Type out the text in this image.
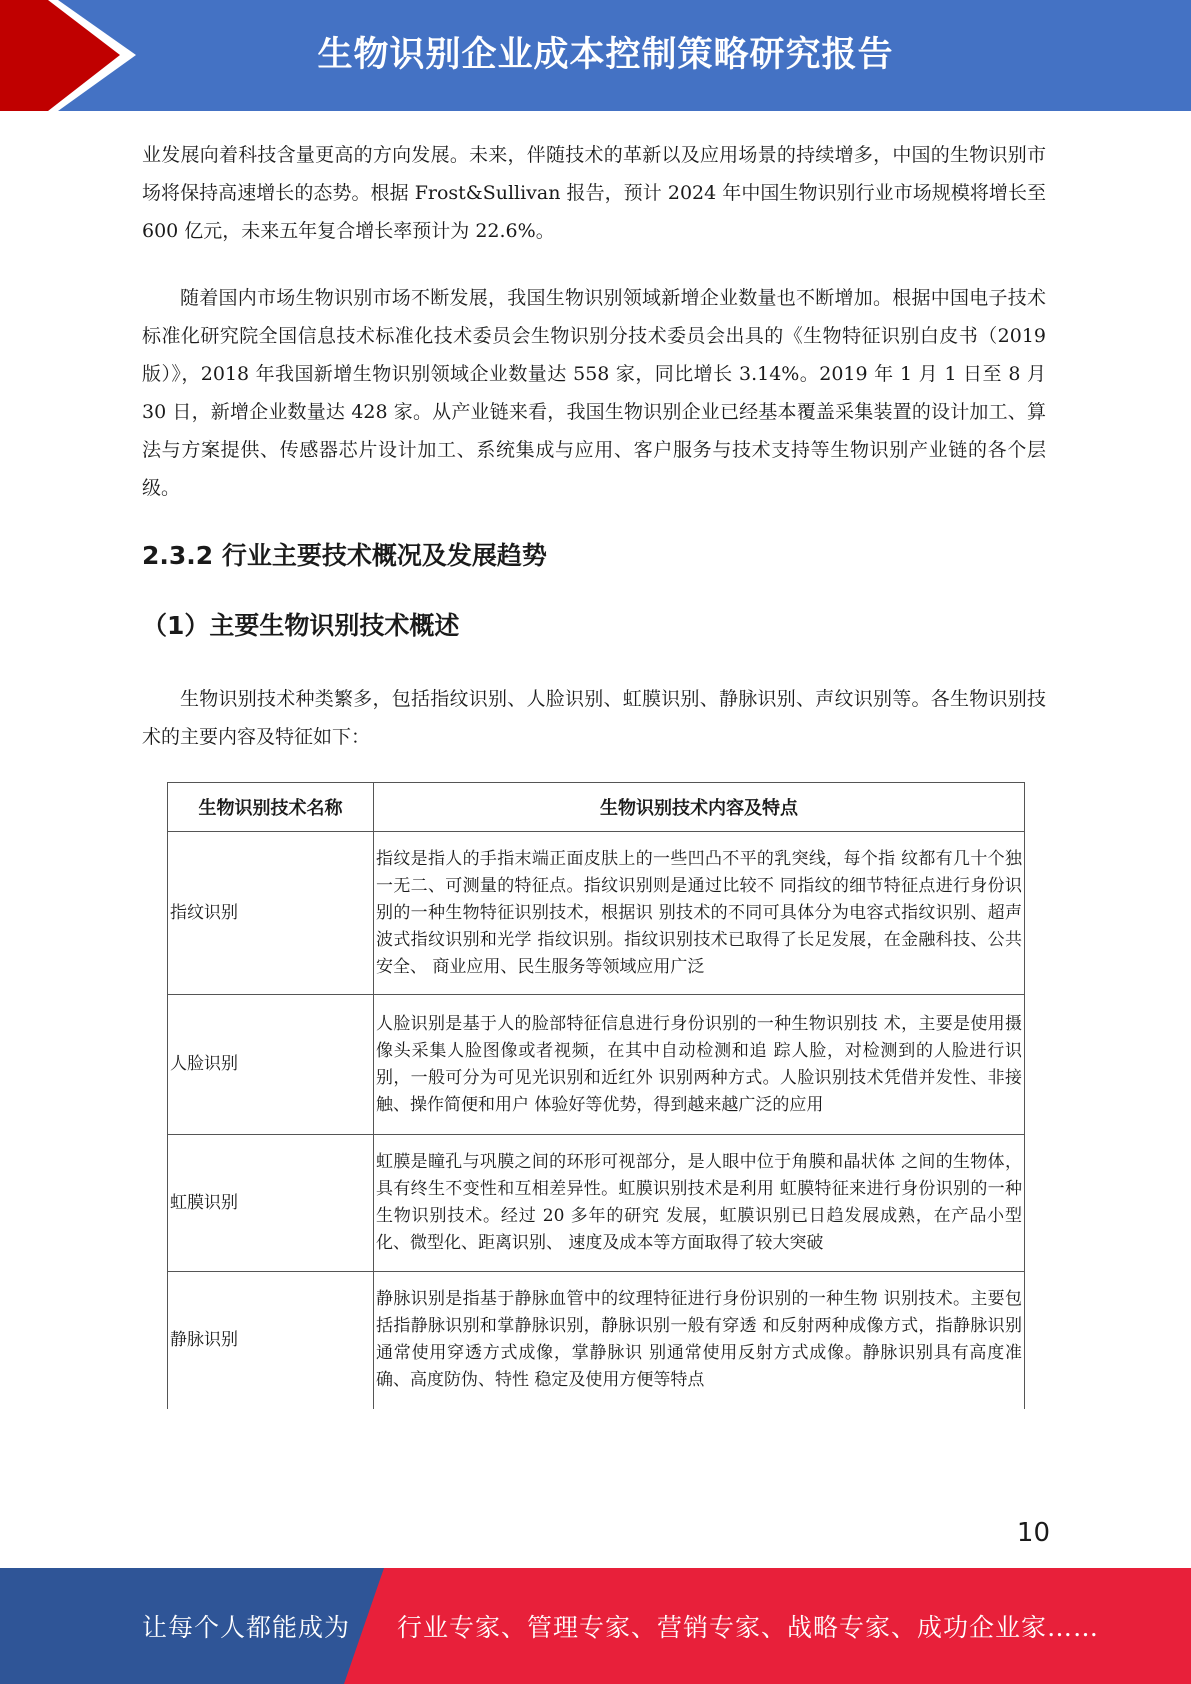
生物识别企业成本控制策略研究报告

业发展向着科技含量更高的方向发展。未来，伴随技术的革新以及应用场景的持续增多，中国的生物识别市场将保持高速增长的态势。根据 Frost&Sullivan 报告，预计 2024 年中国生物识别行业市场规模将增长至 600 亿元，未来五年复合增长率预计为 22.6%。

随着国内市场生物识别市场不断发展，我国生物识别领域新增企业数量也不断增加。根据中国电子技术标准化研究院全国信息技术标准化技术委员会生物识别分技术委员会出具的《生物特征识别白皮书（2019 版）》，2018 年我国新增生物识别领域企业数量达 558 家，同比增长 3.14%。2019 年 1 月 1 日至 8 月 30 日，新增企业数量达 428 家。从产业链来看，我国生物识别企业已经基本覆盖采集装置的设计加工、算法与方案提供、传感器芯片设计加工、系统集成与应用、客户服务与技术支持等生物识别产业链的各个层级。

2.3.2 行业主要技术概况及发展趋势
（1）主要生物识别技术概述

生物识别技术种类繁多，包括指纹识别、人脸识别、虹膜识别、静脉识别、声纹识别等。各生物识别技术的主要内容及特征如下：

生物识别技术名称	生物识别技术内容及特点
指纹识别	指纹是指人的手指末端正面皮肤上的一些凹凸不平的乳突线，每个指 纹都有几十个独一无二、可测量的特征点。指纹识别则是通过比较不 同指纹的细节特征点进行身份识别的一种生物特征识别技术，根据识 别技术的不同可具体分为电容式指纹识别、超声波式指纹识别和光学 指纹识别。指纹识别技术已取得了长足发展，在金融科技、公共安全、 商业应用、民生服务等领域应用广泛
人脸识别	人脸识别是基于人的脸部特征信息进行身份识别的一种生物识别技 术，主要是使用摄像头采集人脸图像或者视频，在其中自动检测和追 踪人脸，对检测到的人脸进行识别，一般可分为可见光识别和近红外 识别两种方式。人脸识别技术凭借并发性、非接触、操作简便和用户 体验好等优势，得到越来越广泛的应用
虹膜识别	虹膜是瞳孔与巩膜之间的环形可视部分，是人眼中位于角膜和晶状体 之间的生物体，具有终生不变性和互相差异性。虹膜识别技术是利用 虹膜特征来进行身份识别的一种生物识别技术。经过 20 多年的研究 发展，虹膜识别已日趋发展成熟，在产品小型化、微型化、距离识别、 速度及成本等方面取得了较大突破
静脉识别	静脉识别是指基于静脉血管中的纹理特征进行身份识别的一种生物 识别技术。主要包括指静脉识别和掌静脉识别，静脉识别一般有穿透 和反射两种成像方式，指静脉识别通常使用穿透方式成像，掌静脉识 别通常使用反射方式成像。静脉识别具有高度准确、高度防伪、特性 稳定及使用方便等特点
10
让每个人都能成为 行业专家、管理专家、营销专家、战略专家、成功企业家……
